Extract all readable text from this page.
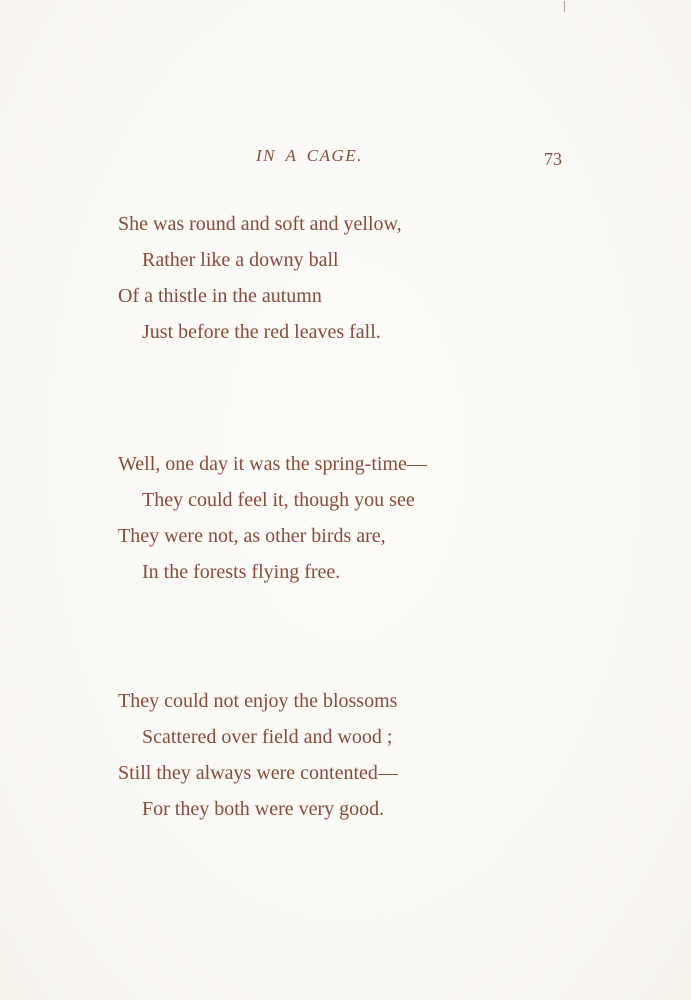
ǀ
IN A CAGE.	73
She was round and soft and yellow,
Rather like a downy ball
Of a thistle in the autumn
Just before the red leaves fall.
Well, one day it was the spring-time—
They could feel it, though you see
They were not, as other birds are,
In the forests flying free.
They could not enjoy the blossoms
Scattered over field and wood ;
Still they always were contented—
For they both were very good.
